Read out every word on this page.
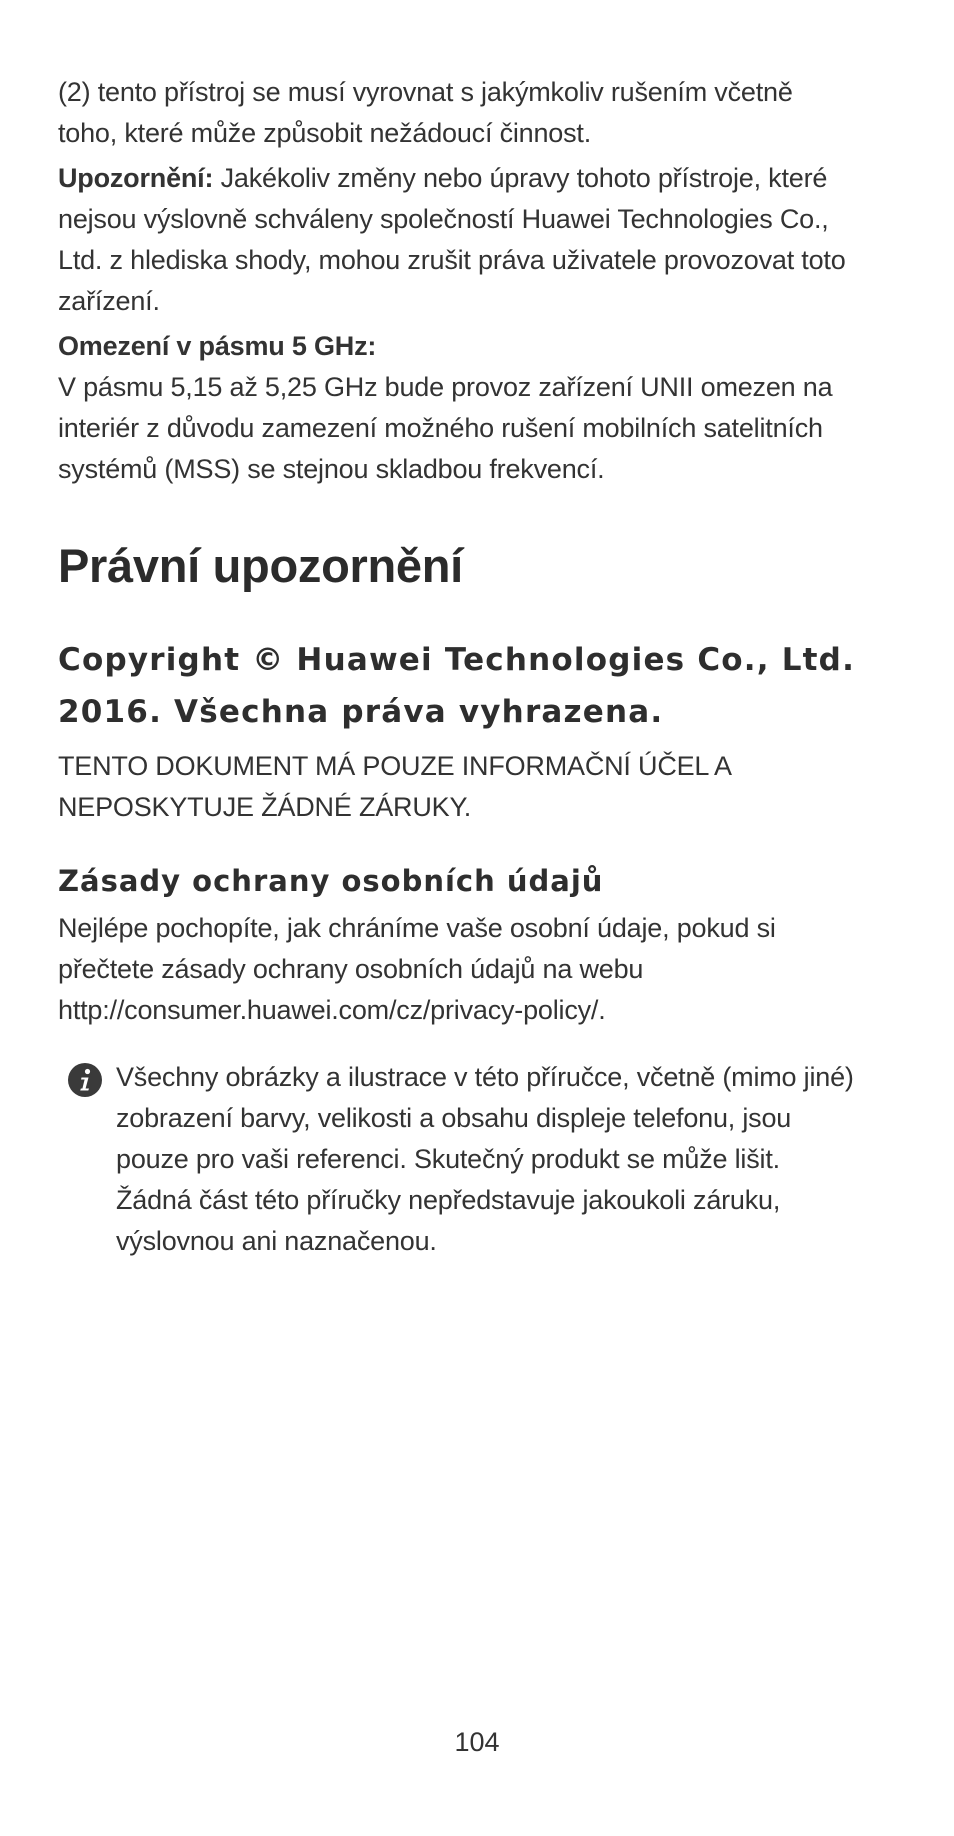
(2) tento přístroj se musí vyrovnat s jakýmkoliv rušením včetně toho, které může způsobit nežádoucí činnost.

Upozornění: Jakékoliv změny nebo úpravy tohoto přístroje, které nejsou výslovně schváleny společností Huawei Technologies Co., Ltd. z hlediska shody, mohou zrušit práva uživatele provozovat toto zařízení.

Omezení v pásmu 5 GHz:

V pásmu 5,15 až 5,25 GHz bude provoz zařízení UNII omezen na interiér z důvodu zamezení možného rušení mobilních satelitních systémů (MSS) se stejnou skladbou frekvencí.

Právní upozornění
Copyright © Huawei Technologies Co., Ltd. 2016. Všechna práva vyhrazena.

TENTO DOKUMENT MÁ POUZE INFORMAČNÍ ÚČEL A NEPOSKYTUJE ŽÁDNÉ ZÁRUKY.

Zásady ochrany osobních údajů

Nejlépe pochopíte, jak chráníme vaše osobní údaje, pokud si přečtete zásady ochrany osobních údajů na webu http://consumer.huawei.com/cz/privacy-policy/.

Všechny obrázky a ilustrace v této příručce, včetně (mimo jiné) zobrazení barvy, velikosti a obsahu displeje telefonu, jsou pouze pro vaši referenci. Skutečný produkt se může lišit. Žádná část této příručky nepředstavuje jakoukoli záruku, výslovnou ani naznačenou.

104
